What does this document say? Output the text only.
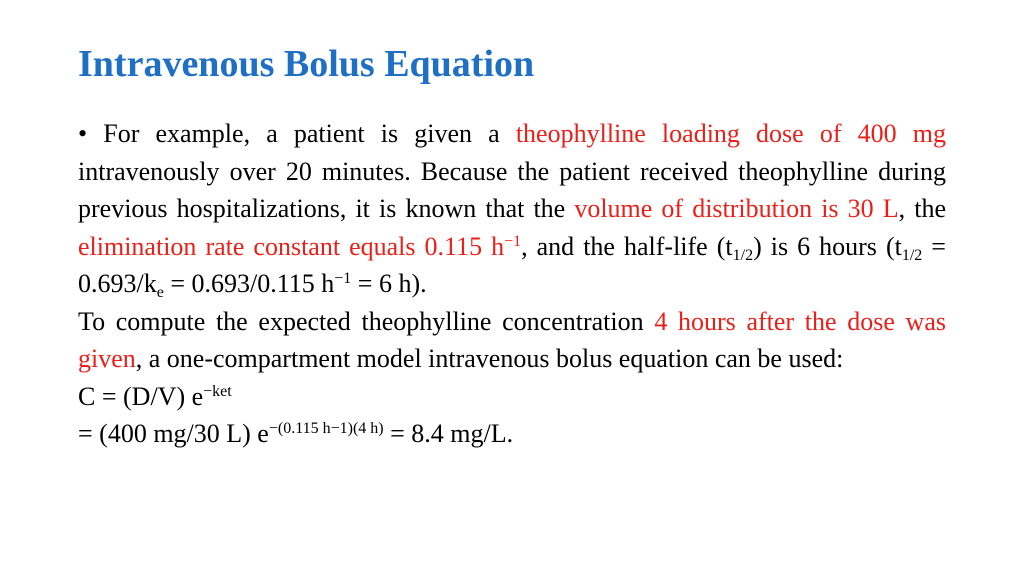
Intravenous Bolus Equation

• For example, a patient is given a theophylline loading dose of 400 mg intravenously over 20 minutes. Because the patient received theophylline during previous hospitalizations, it is known that the volume of distribution is 30 L, the elimination rate constant equals 0.115 $h^{-1}$, and the half-life $(t_{1/2})$ is 6 hours ($t_{1/2} = 0.693/k_e = 0.693/0.115$ $h^{-1} = 6$ h).

To compute the expected theophylline concentration 4 hours after the dose was given, a one-compartment model intravenous bolus equation can be used:

C = (D/V) $e^{-ket}$

= (400 mg/30 L) $e^{-(0.115 h-1)(4 h)} = 8.4$ mg/L.
